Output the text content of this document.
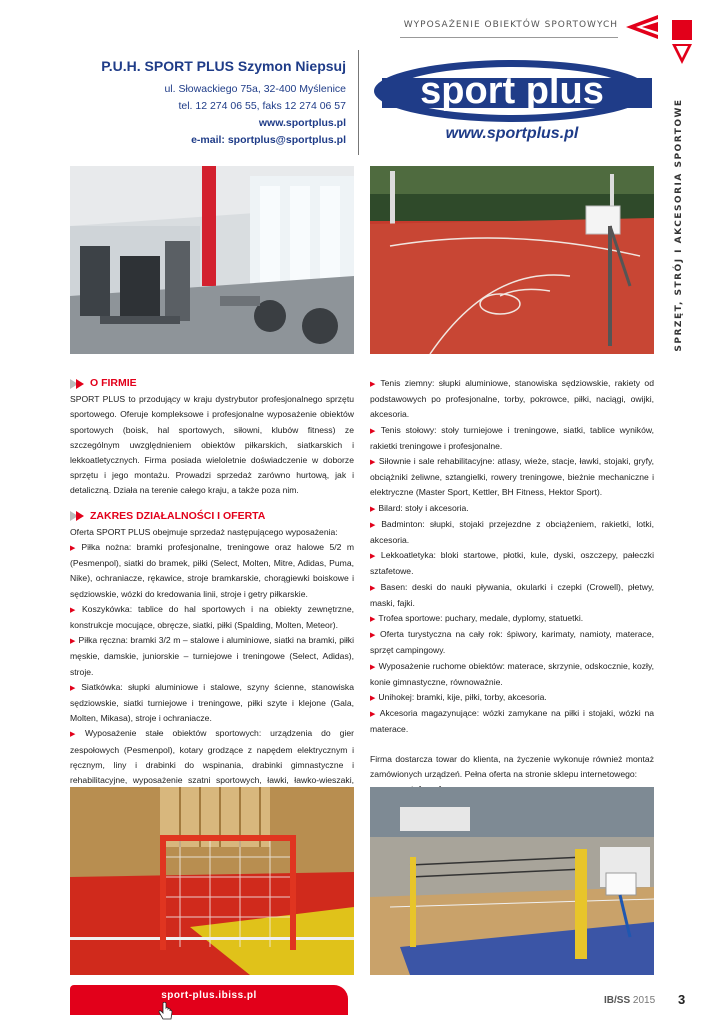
WYPOSAŻENIE OBIEKTÓW SPORTOWYCH
SPRZĘT, STRÓJ I AKCESORIA SPORTOWE
P.U.H. SPORT PLUS Szymon Niepsuj
ul. Słowackiego 75a, 32-400 Myślenice
tel. 12 274 06 55, faks 12 274 06 57
www.sportplus.pl
e-mail: sportplus@sportplus.pl
sport plus
www.sportplus.pl
O FIRMIE

SPORT PLUS to przodujący w kraju dystrybutor profesjonalnego sprzętu sportowego. Oferuje kompleksowe i profesjonalne wyposażenie obiektów sportowych (boisk, hal sportowych, siłowni, klubów fitness) ze szczególnym uwzględnieniem obiektów piłkarskich, siatkarskich i lekkoatletycznych. Firma posiada wieloletnie doświadczenie w doborze sprzętu i jego montażu. Prowadzi sprzedaż zarówno hurtową, jak i detaliczną. Działa na terenie całego kraju, a także poza nim.

ZAKRES DZIAŁALNOŚCI I OFERTA

Oferta SPORT PLUS obejmuje sprzedaż następującego wyposażenia:

▶ Piłka nożna: bramki profesjonalne, treningowe oraz halowe 5/2 m (Pesmenpol), siatki do bramek, piłki (Select, Molten, Mitre, Adidas, Puma, Nike), ochraniacze, rękawice, stroje bramkarskie, chorągiewki boiskowe i sędziowskie, wózki do kredowania linii, stroje i getry piłkarskie.

▶ Koszykówka: tablice do hal sportowych i na obiekty zewnętrzne, konstrukcje mocujące, obręcze, siatki, piłki (Spalding, Molten, Meteor).

▶ Piłka ręczna: bramki 3/2 m – stalowe i aluminiowe, siatki na bramki, piłki męskie, damskie, juniorskie – turniejowe i treningowe (Select, Adidas), stroje.

▶ Siatkówka: słupki aluminiowe i stalowe, szyny ścienne, stanowiska sędziowskie, siatki turniejowe i treningowe, piłki szyte i klejone (Gala, Molten, Mikasa), stroje i ochraniacze.

▶ Wyposażenie stałe obiektów sportowych: urządzenia do gier zespołowych (Pesmenpol), kotary grodzące z napędem elektrycznym i ręcznym, liny i drabinki do wspinania, drabinki gimnastyczne i rehabilitacyjne, wyposażenie szatni sportowych, ławki, ławko-wieszaki,

▶ Tenis ziemny: słupki aluminiowe, stanowiska sędziowskie, rakiety od podstawowych po profesjonalne, torby, pokrowce, piłki, naciągi, owijki, akcesoria.

▶ Tenis stołowy: stoły turniejowe i treningowe, siatki, tablice wyników, rakietki treningowe i profesjonalne.

▶ Siłownie i sale rehabilitacyjne: atlasy, wieże, stacje, ławki, stojaki, gryfy, obciążniki żeliwne, sztangielki, rowery treningowe, bieżnie mechaniczne i elektryczne (Master Sport, Kettler, BH Fitness, Hektor Sport).

▶ Bilard: stoły i akcesoria.

▶ Badminton: słupki, stojaki przejezdne z obciążeniem, rakietki, lotki, akcesoria.

▶ Lekkoatletyka: bloki startowe, płotki, kule, dyski, oszczepy, pałeczki sztafetowe.

▶ Basen: deski do nauki pływania, okularki i czepki (Crowell), płetwy, maski, fajki.

▶ Trofea sportowe: puchary, medale, dyplomy, statuetki.

▶ Oferta turystyczna na cały rok: śpiwory, karimaty, namioty, materace, sprzęt campingowy.

▶ Wyposażenie ruchome obiektów: materace, skrzynie, odskocznie, kozły, konie gimnastyczne, równoważnie.

▶ Unihokej: bramki, kije, piłki, torby, akcesoria.

▶ Akcesoria magazynujące: wózki zamykane na piłki i stojaki, wózki na materace.

Firma dostarcza towar do klienta, na życzenie wykonuje również montaż zamówionych urządzeń. Pełna oferta na stronie sklepu internetowego:

sport-plus.ibiss.pl	IB/SS 2015 3
